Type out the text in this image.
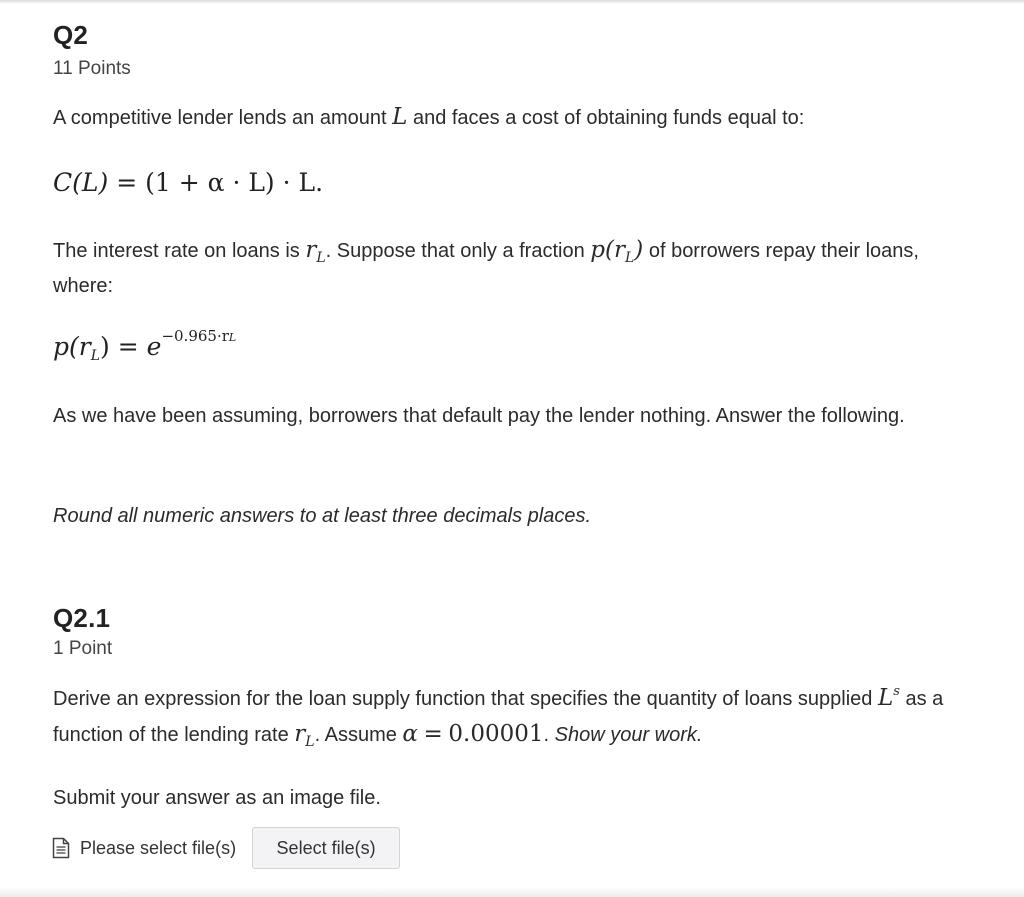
Q2
11 Points
A competitive lender lends an amount L and faces a cost of obtaining funds equal to:
C(L) = (1 + α · L) · L.
The interest rate on loans is $r_L$. Suppose that only a fraction $p(r_L)$ of borrowers repay their loans, where:
$p(r_L) = e^{-0.965\cdot rL}$
As we have been assuming, borrowers that default pay the lender nothing. Answer the following.
Round all numeric answers to at least three decimals places.
Q2.1
1 Point
Derive an expression for the loan supply function that specifies the quantity of loans supplied $L^s$ as a function of the lending rate $r_L$. Assume α = 0.00001. Show your work.
Submit your answer as an image file.
Please select file(s)	Select file(s)
